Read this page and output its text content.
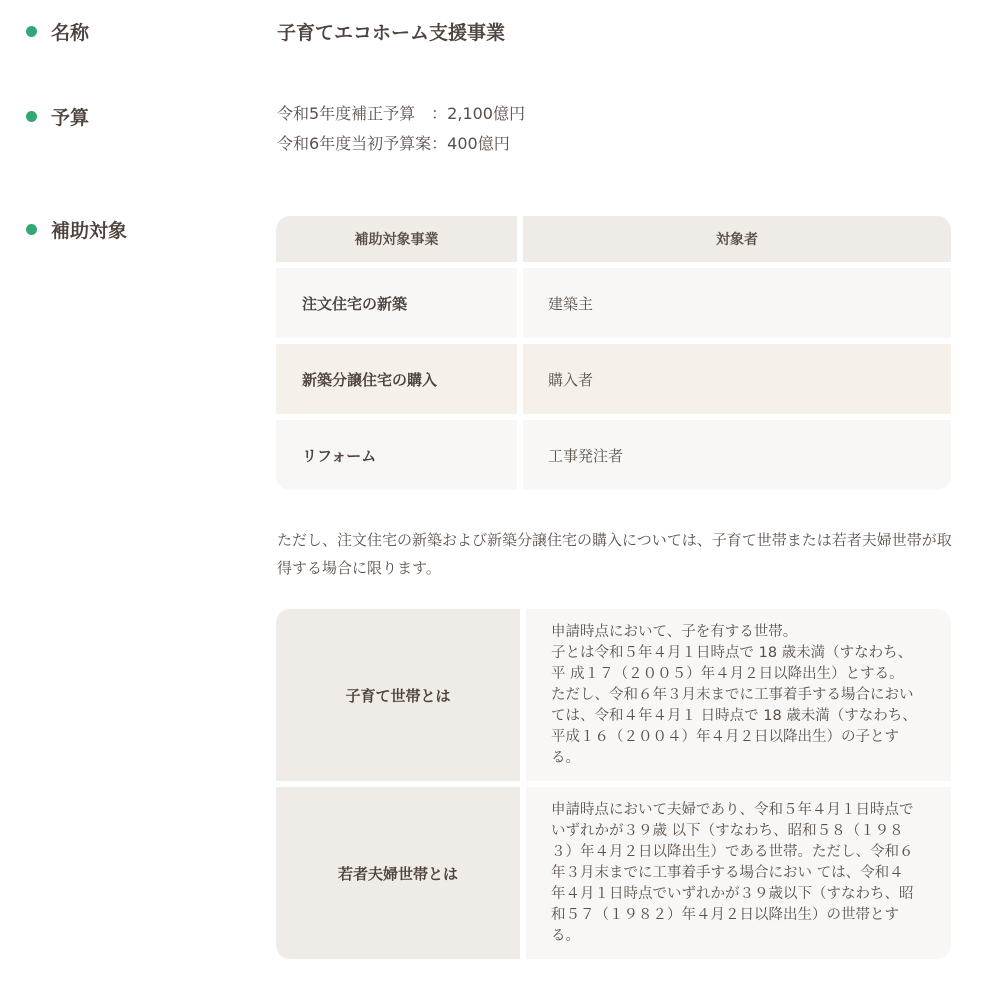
名称	子育てエコホーム支援事業
予算	令和5年度補正予算　：2,100億円
令和6年度当初予算案：400億円
補助対象	補助対象事業	対象者
注文住宅の新築	建築主
新築分譲住宅の購入	購入者
リフォーム	工事発注者
ただし、注文住宅の新築および新築分譲住宅の購入については、子育て世帯または若者夫婦世帯が取得する場合に限ります。
子育て世帯とは
申請時点において、子を有する世帯。
子とは令和５年４月１日時点で 18 歳未満（すなわち、
平 成１７（２００５）年４月２日以降出生）とする。
ただし、令和６年３月末までに工事着手する場合におい
ては、令和４年４月１ 日時点で 18 歳未満（すなわち、
平成１６（２００４）年４月２日以降出生）の子とす
る。
若者夫婦世帯とは
申請時点において夫婦であり、令和５年４月１日時点で
いずれかが３９歳 以下（すなわち、昭和５８（１９８
３）年４月２日以降出生）である世帯。ただし、令和６
年３月末までに工事着手する場合におい ては、令和４
年４月１日時点でいずれかが３９歳以下（すなわち、昭
和５７（１９８２）年４月２日以降出生）の世帯とす
る。
